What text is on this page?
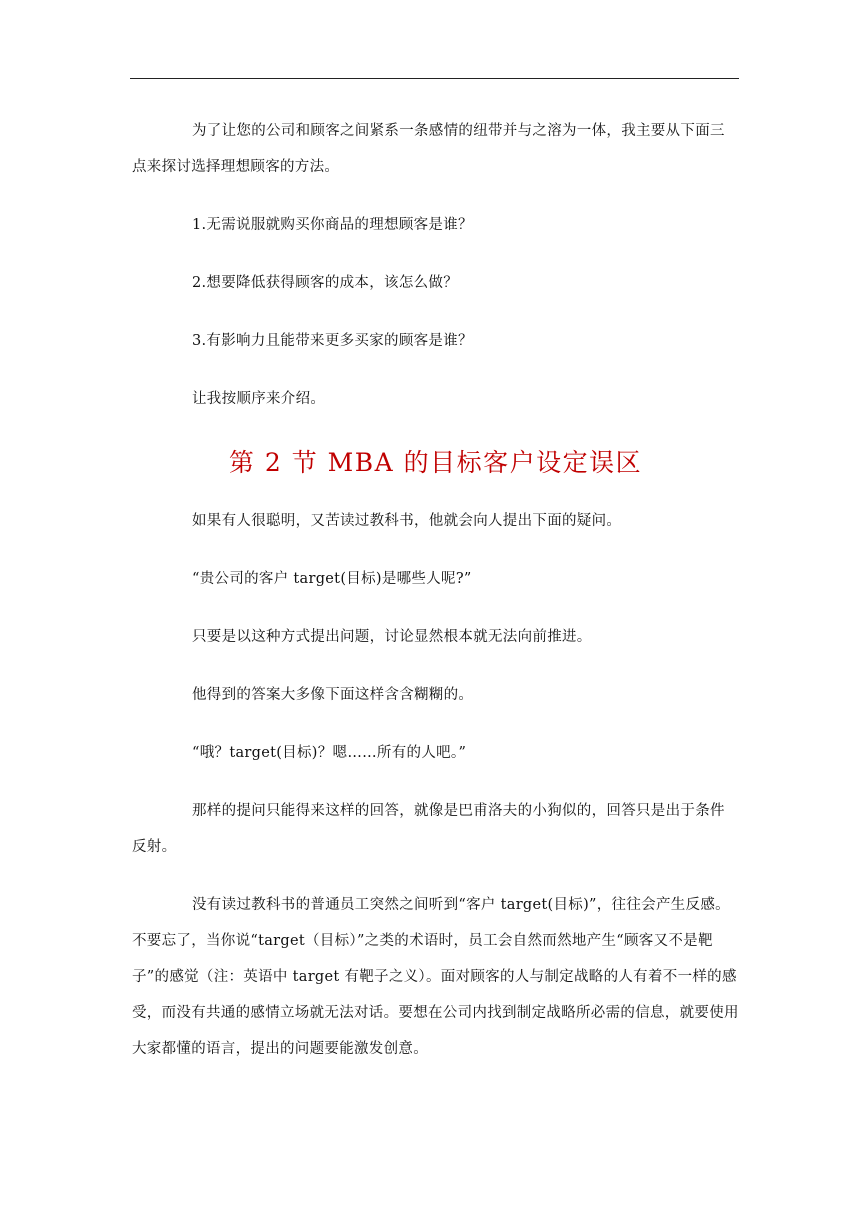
为了让您的公司和顾客之间紧系一条感情的纽带并与之溶为一体，我主要从下面三点来探讨选择理想顾客的方法。

1.无需说服就购买你商品的理想顾客是谁？

2.想要降低获得顾客的成本，该怎么做？

3.有影响力且能带来更多买家的顾客是谁？

让我按顺序来介绍。

第 2 节 MBA 的目标客户设定误区

如果有人很聪明，又苦读过教科书，他就会向人提出下面的疑问。

“贵公司的客户 target(目标)是哪些人呢?”

只要是以这种方式提出问题，讨论显然根本就无法向前推进。

他得到的答案大多像下面这样含含糊糊的。

“哦？target(目标)？嗯……所有的人吧。”

那样的提问只能得来这样的回答，就像是巴甫洛夫的小狗似的，回答只是出于条件反射。

没有读过教科书的普通员工突然之间听到“客户 target(目标)”，往往会产生反感。不要忘了，当你说“target（目标）”之类的术语时，员工会自然而然地产生“顾客又不是靶子”的感觉（注：英语中 target 有靶子之义）。面对顾客的人与制定战略的人有着不一样的感受，而没有共通的感情立场就无法对话。要想在公司内找到制定战略所必需的信息，就要使用大家都懂的语言，提出的问题要能激发创意。
